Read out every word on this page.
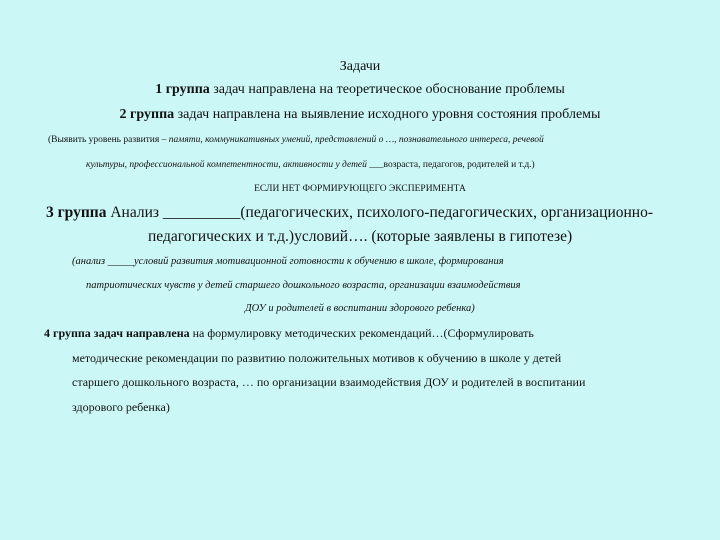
Задачи
1 группа задач направлена на теоретическое обоснование проблемы
2 группа задач направлена на выявление исходного уровня состояния проблемы
(Выявить уровень развития – памяти, коммуникативных умений, представлений о …, познавательного интереса, речевой
культуры, профессиональной компетентности, активности у детей ___возраста, педагогов, родителей и т.д.)
ЕСЛИ НЕТ ФОРМИРУЮЩЕГО ЭКСПЕРИМЕНТА
3 группа Анализ __________(педагогических, психолого-педагогических, организационно-
педагогических и т.д.)условий…. (которые заявлены в гипотезе)
(анализ _____условий развития мотивационной готовности к обучению в школе, формирования
патриотических чувств у детей старшего дошкольного возраста, организации взаимодействия
ДОУ и родителей в воспитании здорового ребенка)
4 группа задач направлена на формулировку методических рекомендаций…(Сформулировать
методические рекомендации по развитию положительных мотивов к обучению в школе у детей
старшего дошкольного возраста, … по организации взаимодействия ДОУ и родителей в воспитании
здорового ребенка)
